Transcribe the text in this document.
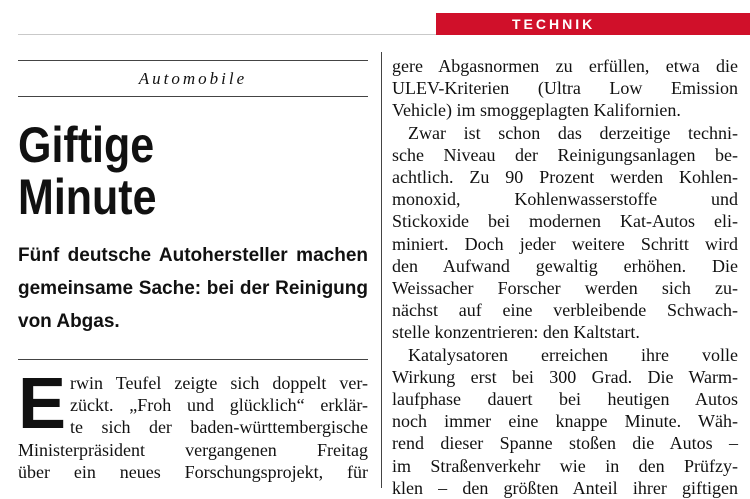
TECHNIK
Automobile
Giftige
Minute
Fünf deutsche Autohersteller machen gemeinsame Sache: bei der Reinigung von Abgas.
E rwin Teufel zeigte sich doppelt ver-
zückt. „Froh und glücklich“ erklär-
te sich der baden-württembergische
Ministerpräsident vergangenen Freitag
über ein neues Forschungsprojekt, für

gere Abgasnormen zu erfüllen, etwa die
ULEV-Kriterien (Ultra Low Emission
Vehicle) im smoggeplagten Kalifornien.

Zwar ist schon das derzeitige techni-
sche Niveau der Reinigungsanlagen be-
achtlich. Zu 90 Prozent werden Kohlen-
monoxid, Kohlenwasserstoffe und
Stickoxide bei modernen Kat-Autos eli-
miniert. Doch jeder weitere Schritt wird
den Aufwand gewaltig erhöhen. Die
Weissacher Forscher werden sich zu-
nächst auf eine verbleibende Schwach-
stelle konzentrieren: den Kaltstart.

Katalysatoren erreichen ihre volle
Wirkung erst bei 300 Grad. Die Warm-
laufphase dauert bei heutigen Autos
noch immer eine knappe Minute. Wäh-
rend dieser Spanne stoßen die Autos –
im Straßenverkehr wie in den Prüfzy-
klen – den größten Anteil ihrer giftigen
